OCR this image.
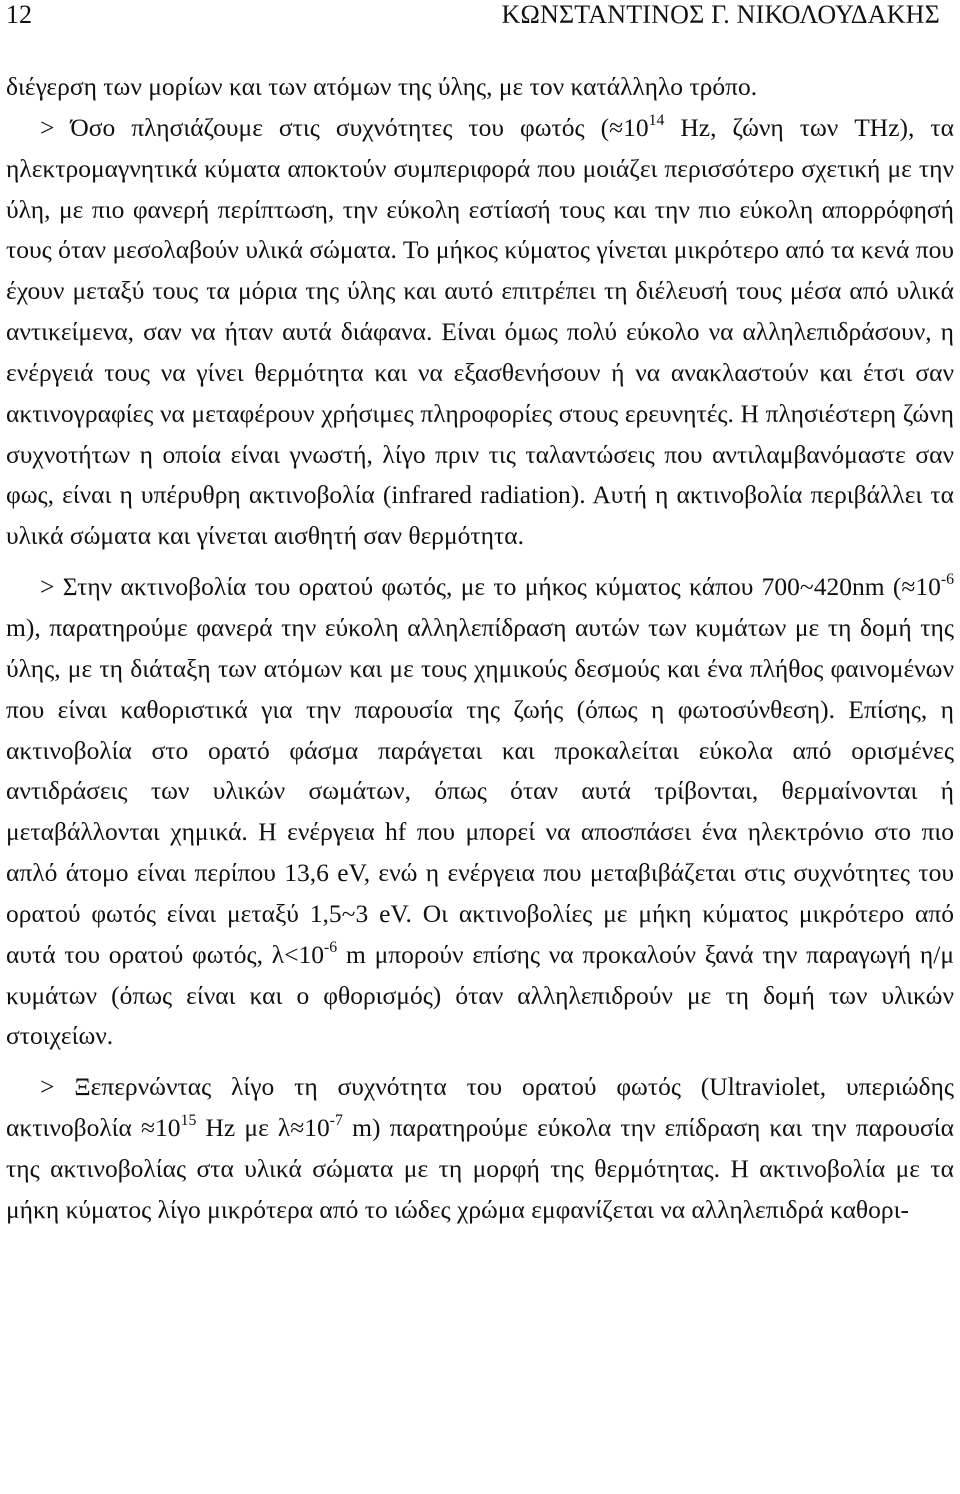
12	ΚΩΝΣΤΑΝΤΙΝΟΣ Γ. ΝΙΚΟΛΟΥΔΑΚΗΣ

διέγερση των μορίων και των ατόμων της ύλης, με τον κατάλληλο τρόπο.

> Όσο πλησιάζουμε στις συχνότητες του φωτός ($\approx 10^{14}$ Hz, ζώνη των THz), τα ηλεκτρομαγνητικά κύματα αποκτούν συμπεριφορά που μοιάζει περισσότερο σχετική με την ύλη, με πιο φανερή περίπτωση, την εύκολη εστίασή τους και την πιο εύκολη απορρόφησή τους όταν μεσολαβούν υλικά σώματα. Το μήκος κύματος γίνεται μικρότερο από τα κενά που έχουν μεταξύ τους τα μόρια της ύλης και αυτό επιτρέπει τη διέλευσή τους μέσα από υλικά αντικείμενα, σαν να ήταν αυτά διάφανα. Είναι όμως πολύ εύκολο να αλληλεπιδράσουν, η ενέργειά τους να γίνει θερμότητα και να εξασθενήσουν ή να ανακλαστούν και έτσι σαν ακτινογραφίες να μεταφέρουν χρήσιμες πληροφορίες στους ερευνητές. Η πλησιέστερη ζώνη συχνοτήτων η οποία είναι γνωστή, λίγο πριν τις ταλαντώσεις που αντιλαμβανόμαστε σαν φως, είναι η υπέρυθρη ακτινοβολία (infrared radiation). Αυτή η ακτινοβολία περιβάλλει τα υλικά σώματα και γίνεται αισθητή σαν θερμότητα.

> Στην ακτινοβολία του ορατού φωτός, με το μήκος κύματος κάπου 700~420nm ($\approx 10^{-6}$ m), παρατηρούμε φανερά την εύκολη αλληλεπίδραση αυτών των κυμάτων με τη δομή της ύλης, με τη διάταξη των ατόμων και με τους χημικούς δεσμούς και ένα πλήθος φαινομένων που είναι καθοριστικά για την παρουσία της ζωής (όπως η φωτοσύνθεση). Επίσης, η ακτινοβολία στο ορατό φάσμα παράγεται και προκαλείται εύκολα από ορισμένες αντιδράσεις των υλικών σωμάτων, όπως όταν αυτά τρίβονται, θερμαίνονται ή μεταβάλλονται χημικά. Η ενέργεια hf που μπορεί να αποσπάσει ένα ηλεκτρόνιο στο πιο απλό άτομο είναι περίπου 13,6 eV, ενώ η ενέργεια που μεταβιβάζεται στις συχνότητες του ορατού φωτός είναι μεταξύ 1,5~3 eV. Οι ακτινοβολίες με μήκη κύματος μικρότερο από αυτά του ορατού φωτός, $\lambda<10^{-6}$ m μπορούν επίσης να προκαλούν ξανά την παραγωγή η/μ κυμάτων (όπως είναι και ο φθορισμός) όταν αλληλεπιδρούν με τη δομή των υλικών στοιχείων.

> Ξεπερνώντας λίγο τη συχνότητα του ορατού φωτός (Ultraviolet, υπεριώδης $\alpha\kappa\tau\iota\nu o\beta o\lambda ί\alpha \approx 10^{15}$ Hz με $\lambda\approx 10^{-7}$ m) παρατηρούμε εύκολα την επίδραση και την παρουσία της ακτινοβολίας στα υλικά σώματα με τη μορφή της θερμότητας. Η ακτινοβολία με τα μήκη κύματος λίγο μικρότερα από το ιώδες χρώμα εμφανίζεται να αλληλεπιδρά καθορι-
